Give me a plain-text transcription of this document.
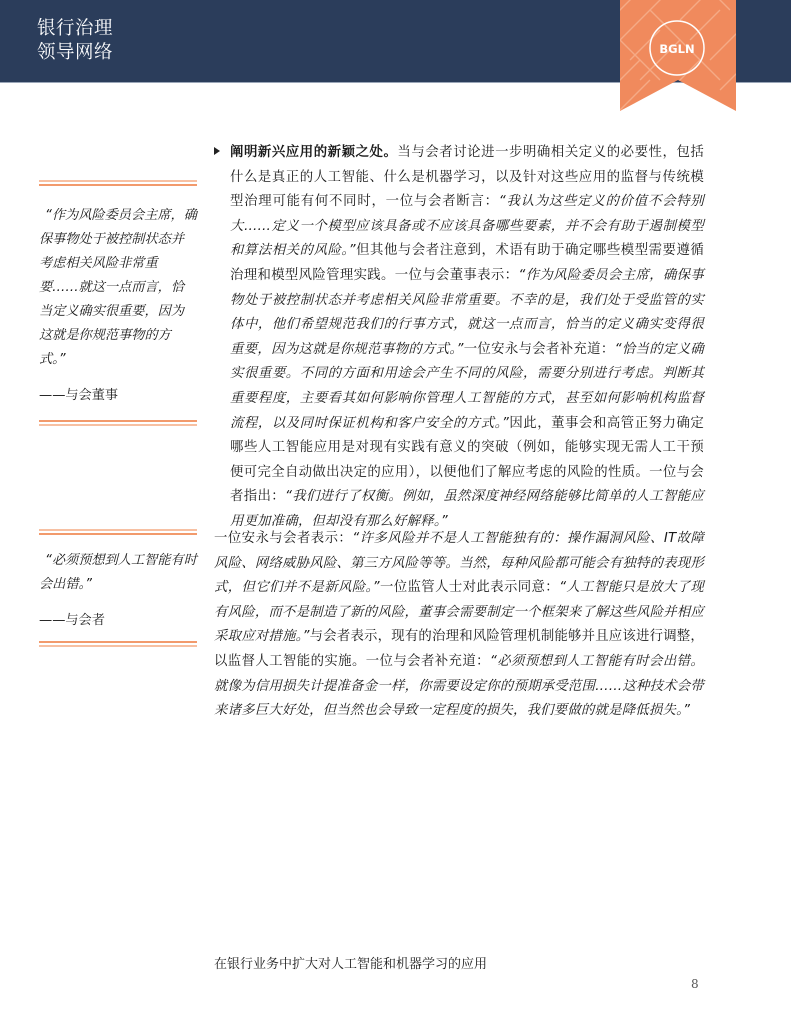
银行治理
领导网络	BGLN

“作为风险委员会主席，确保事物处于被控制状态并考虑相关风险非常重要……就这一点而言，恰当定义确实很重要，因为这就是你规范事物的方式。”

——与会董事

“必须预想到人工智能有时会出错。”

——与会者

阐明新兴应用的新颖之处。当与会者讨论进一步明确相关定义的必要性，包括什么是真正的人工智能、什么是机器学习，以及针对这些应用的监督与传统模型治理可能有何不同时，一位与会者断言：“我认为这些定义的价值不会特别大……定义一个模型应该具备或不应该具备哪些要素，并不会有助于遏制模型和算法相关的风险。”但其他与会者注意到，术语有助于确定哪些模型需要遵循治理和模型风险管理实践。一位与会董事表示：“作为风险委员会主席，确保事物处于被控制状态并考虑相关风险非常重要。不幸的是，我们处于受监管的实体中，他们希望规范我们的行事方式，就这一点而言，恰当的定义确实变得很重要，因为这就是你规范事物的方式。”一位安永与会者补充道：“恰当的定义确实很重要。不同的方面和用途会产生不同的风险，需要分别进行考虑。判断其重要程度，主要看其如何影响你管理人工智能的方式，甚至如何影响机构监督流程，以及同时保证机构和客户安全的方式。”因此，董事会和高管正努力确定哪些人工智能应用是对现有实践有意义的突破（例如，能够实现无需人工干预便可完全自动做出决定的应用），以便他们了解应考虑的风险的性质。一位与会者指出：“我们进行了权衡。例如，虽然深度神经网络能够比简单的人工智能应用更加准确，但却没有那么好解释。”

一位安永与会者表示：“许多风险并不是人工智能独有的：操作漏洞风险、IT故障风险、网络威胁风险、第三方风险等等。当然，每种风险都可能会有独特的表现形式，但它们并不是新风险。”一位监管人士对此表示同意：“人工智能只是放大了现有风险，而不是制造了新的风险，董事会需要制定一个框架来了解这些风险并相应采取应对措施。”与会者表示，现有的治理和风险管理机制能够并且应该进行调整，以监督人工智能的实施。一位与会者补充道：“必须预想到人工智能有时会出错。就像为信用损失计提准备金一样，你需要设定你的预期承受范围……这种技术会带来诸多巨大好处，但当然也会导致一定程度的损失，我们要做的就是降低损失。”

在银行业务中扩大对人工智能和机器学习的应用
8
